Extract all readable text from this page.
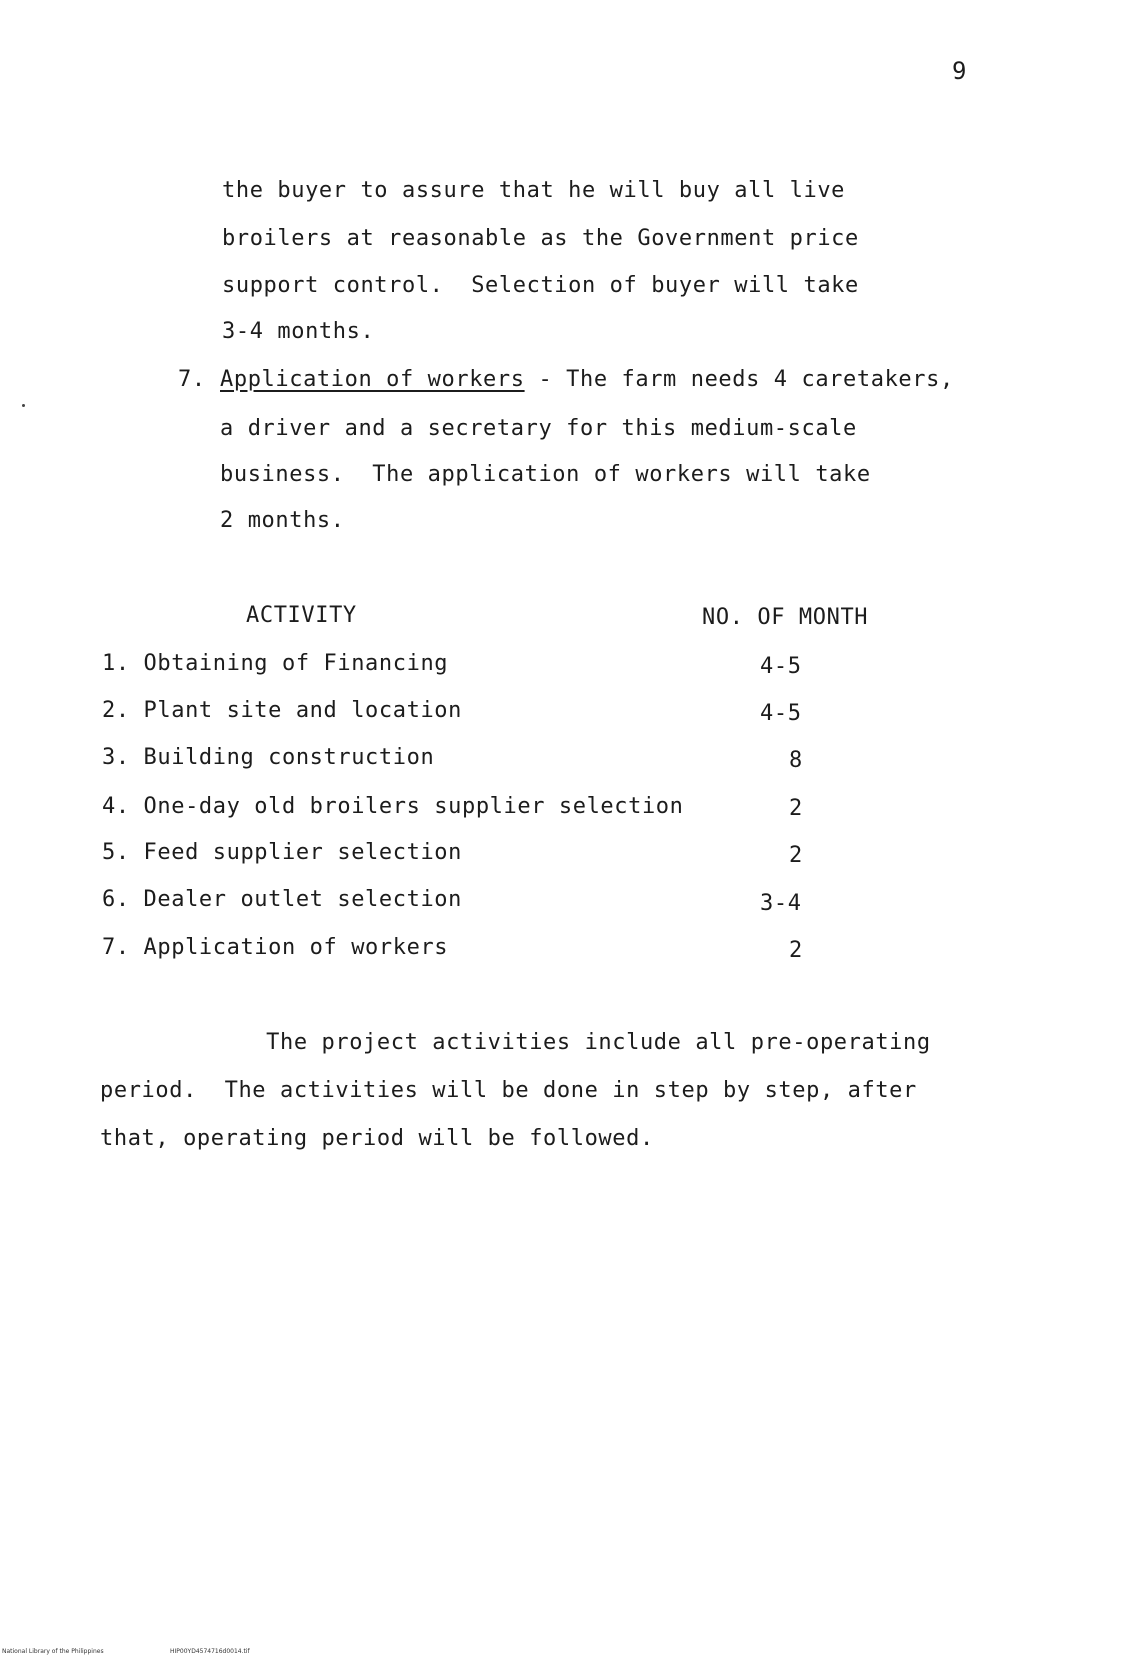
9
the buyer to assure that he will buy all live
broilers at reasonable as the Government price
support control.  Selection of buyer will take
3-4 months.
7. Application of workers - The farm needs 4 caretakers,
a driver and a secretary for this medium-scale
business.  The application of workers will take
2 months.
ACTIVITY	NO. OF MONTH
1. Obtaining of Financing	4-5
2. Plant site and location	4-5
3. Building construction	8
4. One-day old broilers supplier selection	2
5. Feed supplier selection	2
6. Dealer outlet selection	3-4
7. Application of workers	2
The project activities include all pre-operating
period.  The activities will be done in step by step, after
that, operating period will be followed.
National Library of the Philippines	HIP00YD4574716d0014.tif
